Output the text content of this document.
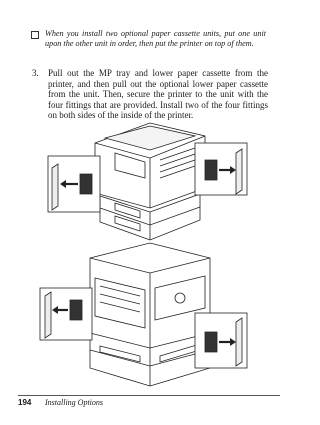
When you install two optional paper cassette units, put one unit upon the other unit in order, then put the printer on top of them.
3.	Pull out the MP tray and lower paper cassette from the printer, and then pull out the optional lower paper cassette from the unit. Then, secure the printer to the unit with the four fittings that are provided. Install two of the four fittings on both sides of the inside of the printer.
194 Installing Options
